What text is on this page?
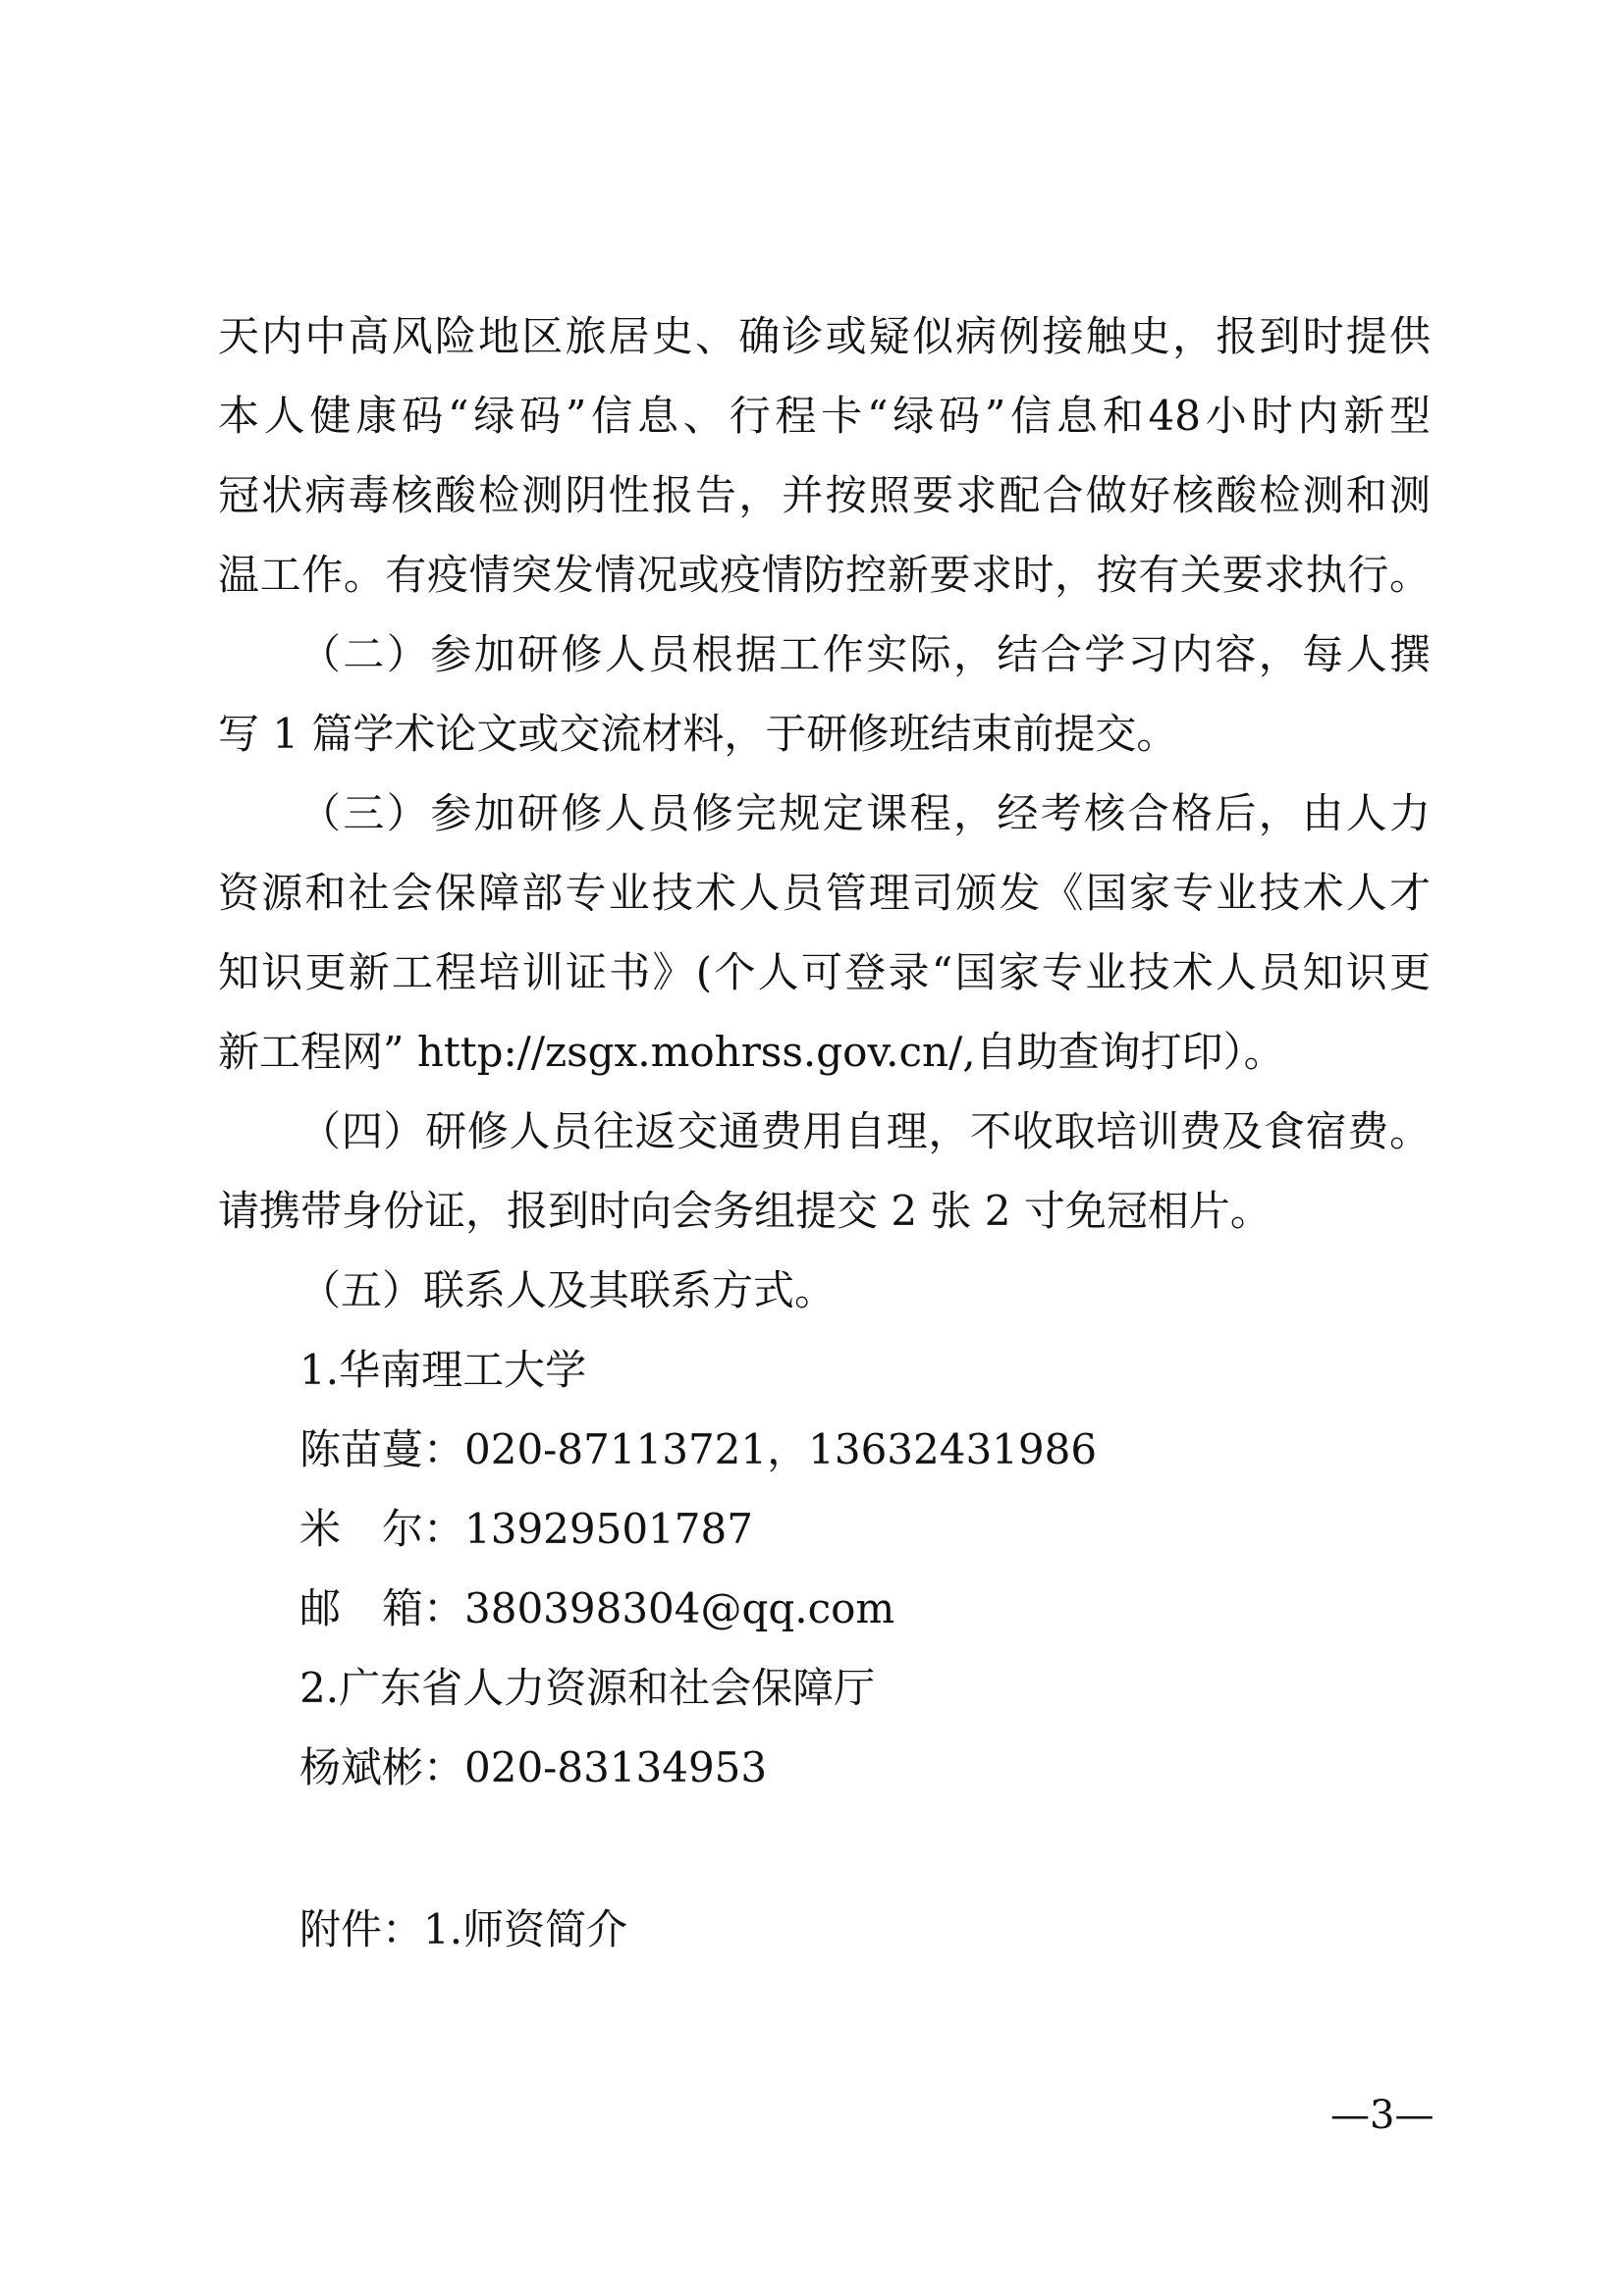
天内中高风险地区旅居史、确诊或疑似病例接触史，报到时提供
本人健康码“绿码”信息、行程卡“绿码”信息和48小时内新型
冠状病毒核酸检测阴性报告，并按照要求配合做好核酸检测和测
温工作。有疫情突发情况或疫情防控新要求时，按有关要求执行。
（二）参加研修人员根据工作实际，结合学习内容，每人撰
写 1 篇学术论文或交流材料，于研修班结束前提交。
（三）参加研修人员修完规定课程，经考核合格后，由人力
资源和社会保障部专业技术人员管理司颁发《国家专业技术人才
知识更新工程培训证书》(个人可登录“国家专业技术人员知识更
新工程网” http://zsgx.mohrss.gov.cn/,自助查询打印）。
（四）研修人员往返交通费用自理，不收取培训费及食宿费。
请携带身份证，报到时向会务组提交 2 张 2 寸免冠相片。
（五）联系人及其联系方式。
1.华南理工大学
陈苗蔓：020-87113721，13632431986
米　尔：13929501787
邮　箱：380398304@qq.com
2.广东省人力资源和社会保障厅
杨斌彬：020-83134953
附件：1.师资简介
—3—
